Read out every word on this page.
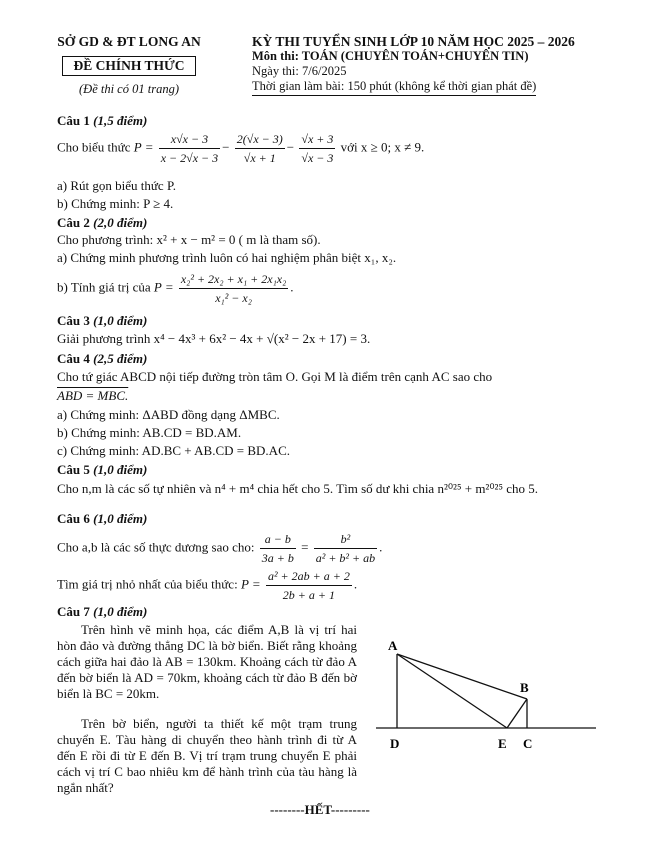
SỞ GD & ĐT LONG AN
ĐỀ CHÍNH THỨC
(Đề thi có 01 trang)
KỲ THI TUYỂN SINH LỚP 10 NĂM HỌC 2025 – 2026
Môn thi: TOÁN (CHUYÊN TOÁN+CHUYÊN TIN)
Ngày thi: 7/6/2025
Thời gian làm bài: 150 phút (không kể thời gian phát đề)
Câu 1 (1,5 điểm)
Cho biểu thức $P = \frac{x√x - 3}{x - 2√x - 3} - \frac{2(√x - 3)}{√x + 1} - \frac{√x + 3}{√x - 3}$ với x ≥ 0; x ≠ 9.
a) Rút gọn biểu thức P.
b) Chứng minh: P ≥ 4.
Câu 2 (2,0 điểm)
Cho phương trình: x² + x − m² = 0 ( m là tham số).
a) Chứng minh phương trình luôn có hai nghiệm phân biệt x₁, x₂.
b) Tính giá trị của $P = \frac{\text{x₂² + 2x₂ + x₁ + 2x₁x₂}}{\text{x₁² − x₂}}$ .
Câu 3 (1,0 điểm)
Giải phương trình x⁴ − 4x³ + 6x² − 4x + √(x² − 2x + 17) = 3.
Câu 4 (2,5 điểm)
Cho tứ giác ABCD nội tiếp đường tròn tâm O. Gọi M là điểm trên cạnh AC sao cho
ABD = MBC.
a) Chứng minh: ΔABD đồng dạng ΔMBC.
b) Chứng minh: AB.CD = BD.AM.
c) Chứng minh: AD.BC + AB.CD = BD.AC.
Câu 5 (1,0 điểm)
Cho n,m là các số tự nhiên và n⁴ + m⁴ chia hết cho 5. Tìm số dư khi chia n²⁰²⁵ + m²⁰²⁵ cho 5.
Câu 6 (1,0 điểm)
Cho a,b là các số thực dương sao cho: $\frac{a - b}{3a + b} = \frac{\text{b²}}{\text{a² + b² + ab}}$ .
Tìm giá trị nhỏ nhất của biểu thức: $P = \frac{\text{a² + 2ab + a + 2}}{2b + a + 1}$ .
Câu 7 (1,0 điểm)
Trên hình vẽ minh họa, các điểm A,B là vị trí hai hòn đảo và đường thẳng DC là bờ biển. Biết rằng khoảng cách giữa hai đảo là AB = 130km. Khoảng cách từ đảo A đến bờ biển là AD = 70km, khoảng cách từ đảo B đến bờ biển là BC = 20km.
Trên bờ biển, người ta thiết kế một trạm trung chuyển E. Tàu hàng di chuyển theo hành trình đi từ A đến E rồi đi từ E đến B. Vị trí trạm trung chuyển E phải cách vị trí C bao nhiêu km để hành trình của tàu hàng là ngắn nhất?
A
B
D	E C
--------HẾT---------
